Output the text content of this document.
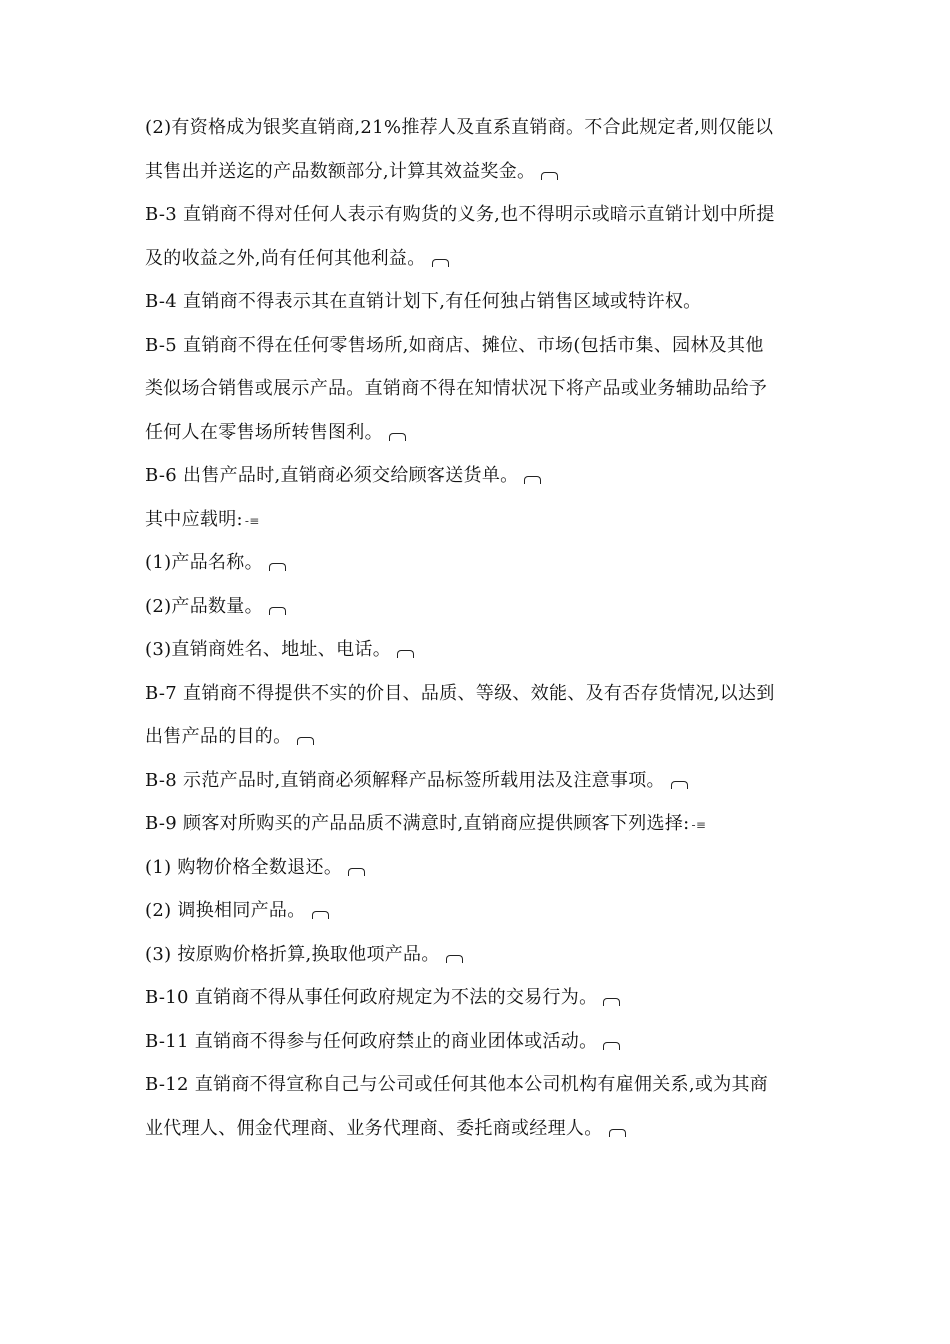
(2)有资格成为银奖直销商,21%推荐人及直系直销商。不合此规定者,则仅能以
其售出并送迄的产品数额部分,计算其效益奖金。
B-3 直销商不得对任何人表示有购货的义务,也不得明示或暗示直销计划中所提
及的收益之外,尚有任何其他利益。
B-4 直销商不得表示其在直销计划下,有任何独占销售区域或特许权。
B-5 直销商不得在任何零售场所,如商店、摊位、市场(包括市集、园林及其他
类似场合销售或展示产品。直销商不得在知情状况下将产品或业务辅助品给予
任何人在零售场所转售图利。
B-6 出售产品时,直销商必须交给顾客送货单。
其中应载明: -≡
(1)产品名称。
(2)产品数量。
(3)直销商姓名、地址、电话。
B-7 直销商不得提供不实的价目、品质、等级、效能、及有否存货情况,以达到
出售产品的目的。
B-8 示范产品时,直销商必须解释产品标签所载用法及注意事项。
B-9 顾客对所购买的产品品质不满意时,直销商应提供顾客下列选择: -≡
(1) 购物价格全数退还。
(2) 调换相同产品。
(3) 按原购价格折算,换取他项产品。
B-10 直销商不得从事任何政府规定为不法的交易行为。
B-11 直销商不得参与任何政府禁止的商业团体或活动。
B-12 直销商不得宣称自己与公司或任何其他本公司机构有雇佣关系,或为其商
业代理人、佣金代理商、业务代理商、委托商或经理人。
